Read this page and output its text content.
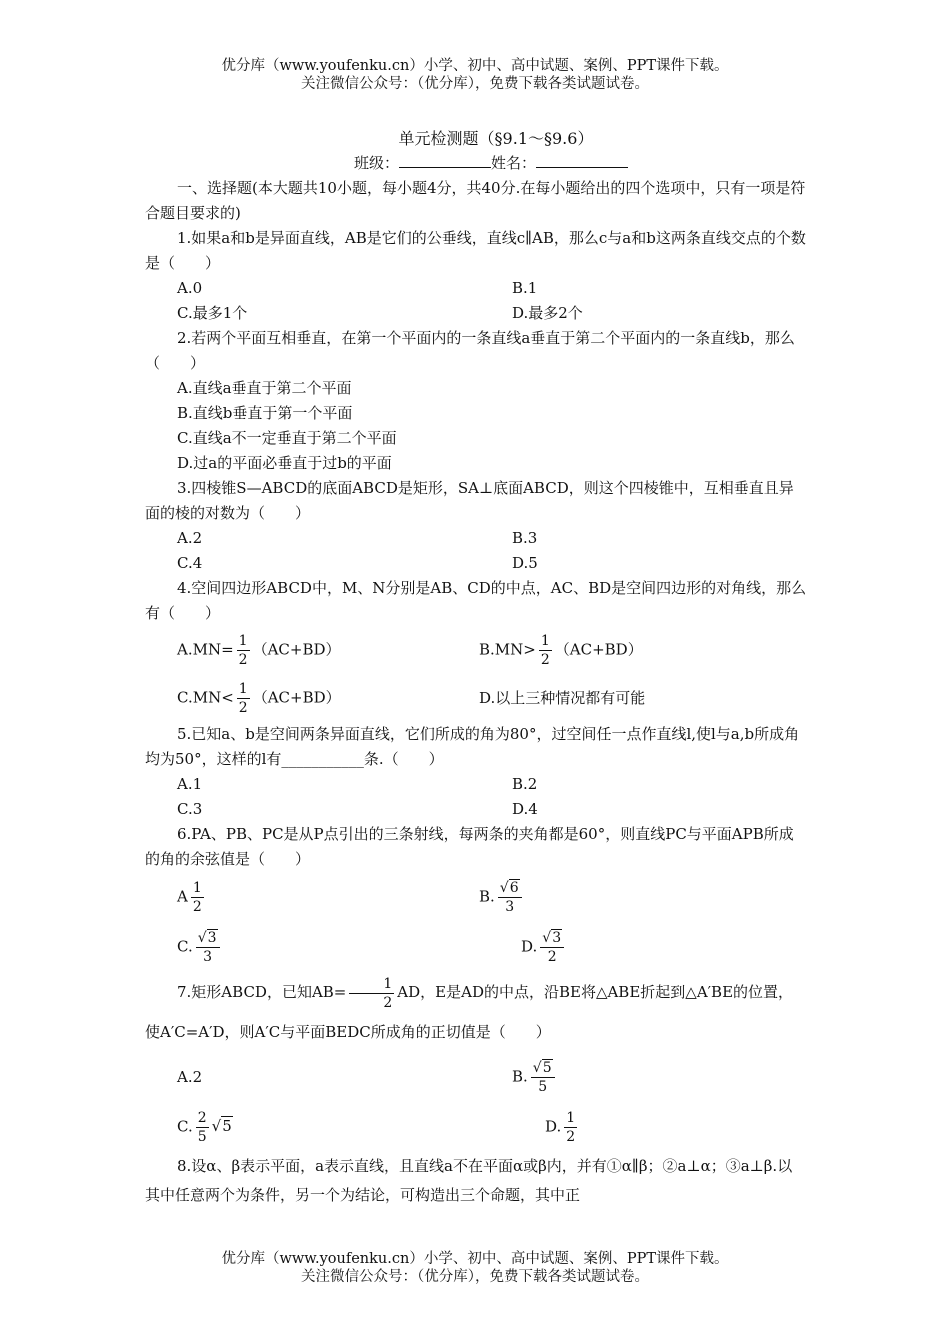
优分库（www.youfenku.cn）小学、初中、高中试题、案例、PPT课件下载。
关注微信公众号：（优分库），免费下载各类试题试卷。
单元检测题（§9.1～§9.6）
班级：	姓名：
一、选择题(本大题共10小题，每小题4分，共40分.在每小题给出的四个选项中，只有一项是符合题目要求的)
1.如果a和b是异面直线，AB是它们的公垂线，直线c∥AB，那么c与a和b这两条直线交点的个数是（　　）
A.0	B.1
C.最多1个	D.最多2个
2.若两个平面互相垂直，在第一个平面内的一条直线a垂直于第二个平面内的一条直线b，那么（　　）
A.直线a垂直于第二个平面
B.直线b垂直于第一个平面
C.直线a不一定垂直于第二个平面
D.过a的平面必垂直于过b的平面
3.四棱锥S—ABCD的底面ABCD是矩形，SA⊥底面ABCD，则这个四棱锥中，互相垂直且异面的棱的对数为（　　）
A.2	B.3
C.4	D.5
4.空间四边形ABCD中，M、N分别是AB、CD的中点，AC、BD是空间四边形的对角线，那么有（　　）
$A.MN= \frac{1}{2} (AC+BD)$	$B.MN> \frac{1}{2} (AC+BD)$
$C.MN< \frac{1}{2} (AC+BD)$	D.以上三种情况都有可能
5.已知a、b是空间两条异面直线，它们所成的角为80°，过空间任一点作直线l,使l与a,b所成角均为50°，这样的l有___________条.（　　）
A.1	B.2
C.3	D.4
6.PA、PB、PC是从P点引出的三条射线，每两条的夹角都是60°，则直线PC与平面APB所成的角的余弦值是（　　）
A $\frac{1}{2}$	B. $\frac{√6}{3}$
C. $\frac{√3}{3}$	D. $\frac{√3}{2}$
7.矩形ABCD，已知$AB= \frac{1}{2}$ AD，E是AD的中点，沿BE将△ABE折起到△A′BE的位置，使A′C=A′D，则A′C与平面BEDC所成角的正切值是（　　）
A.2	B. $\frac{√5}{5}$
C. $\frac{2}{5} √5$	D. $\frac{1}{2}$
8.设α、β表示平面，a表示直线，且直线a不在平面α或β内，并有①α∥β；②a⊥α；③a⊥β.以其中任意两个为条件，另一个为结论，可构造出三个命题，其中正
优分库（www.youfenku.cn）小学、初中、高中试题、案例、PPT课件下载。
关注微信公众号：（优分库），免费下载各类试题试卷。
